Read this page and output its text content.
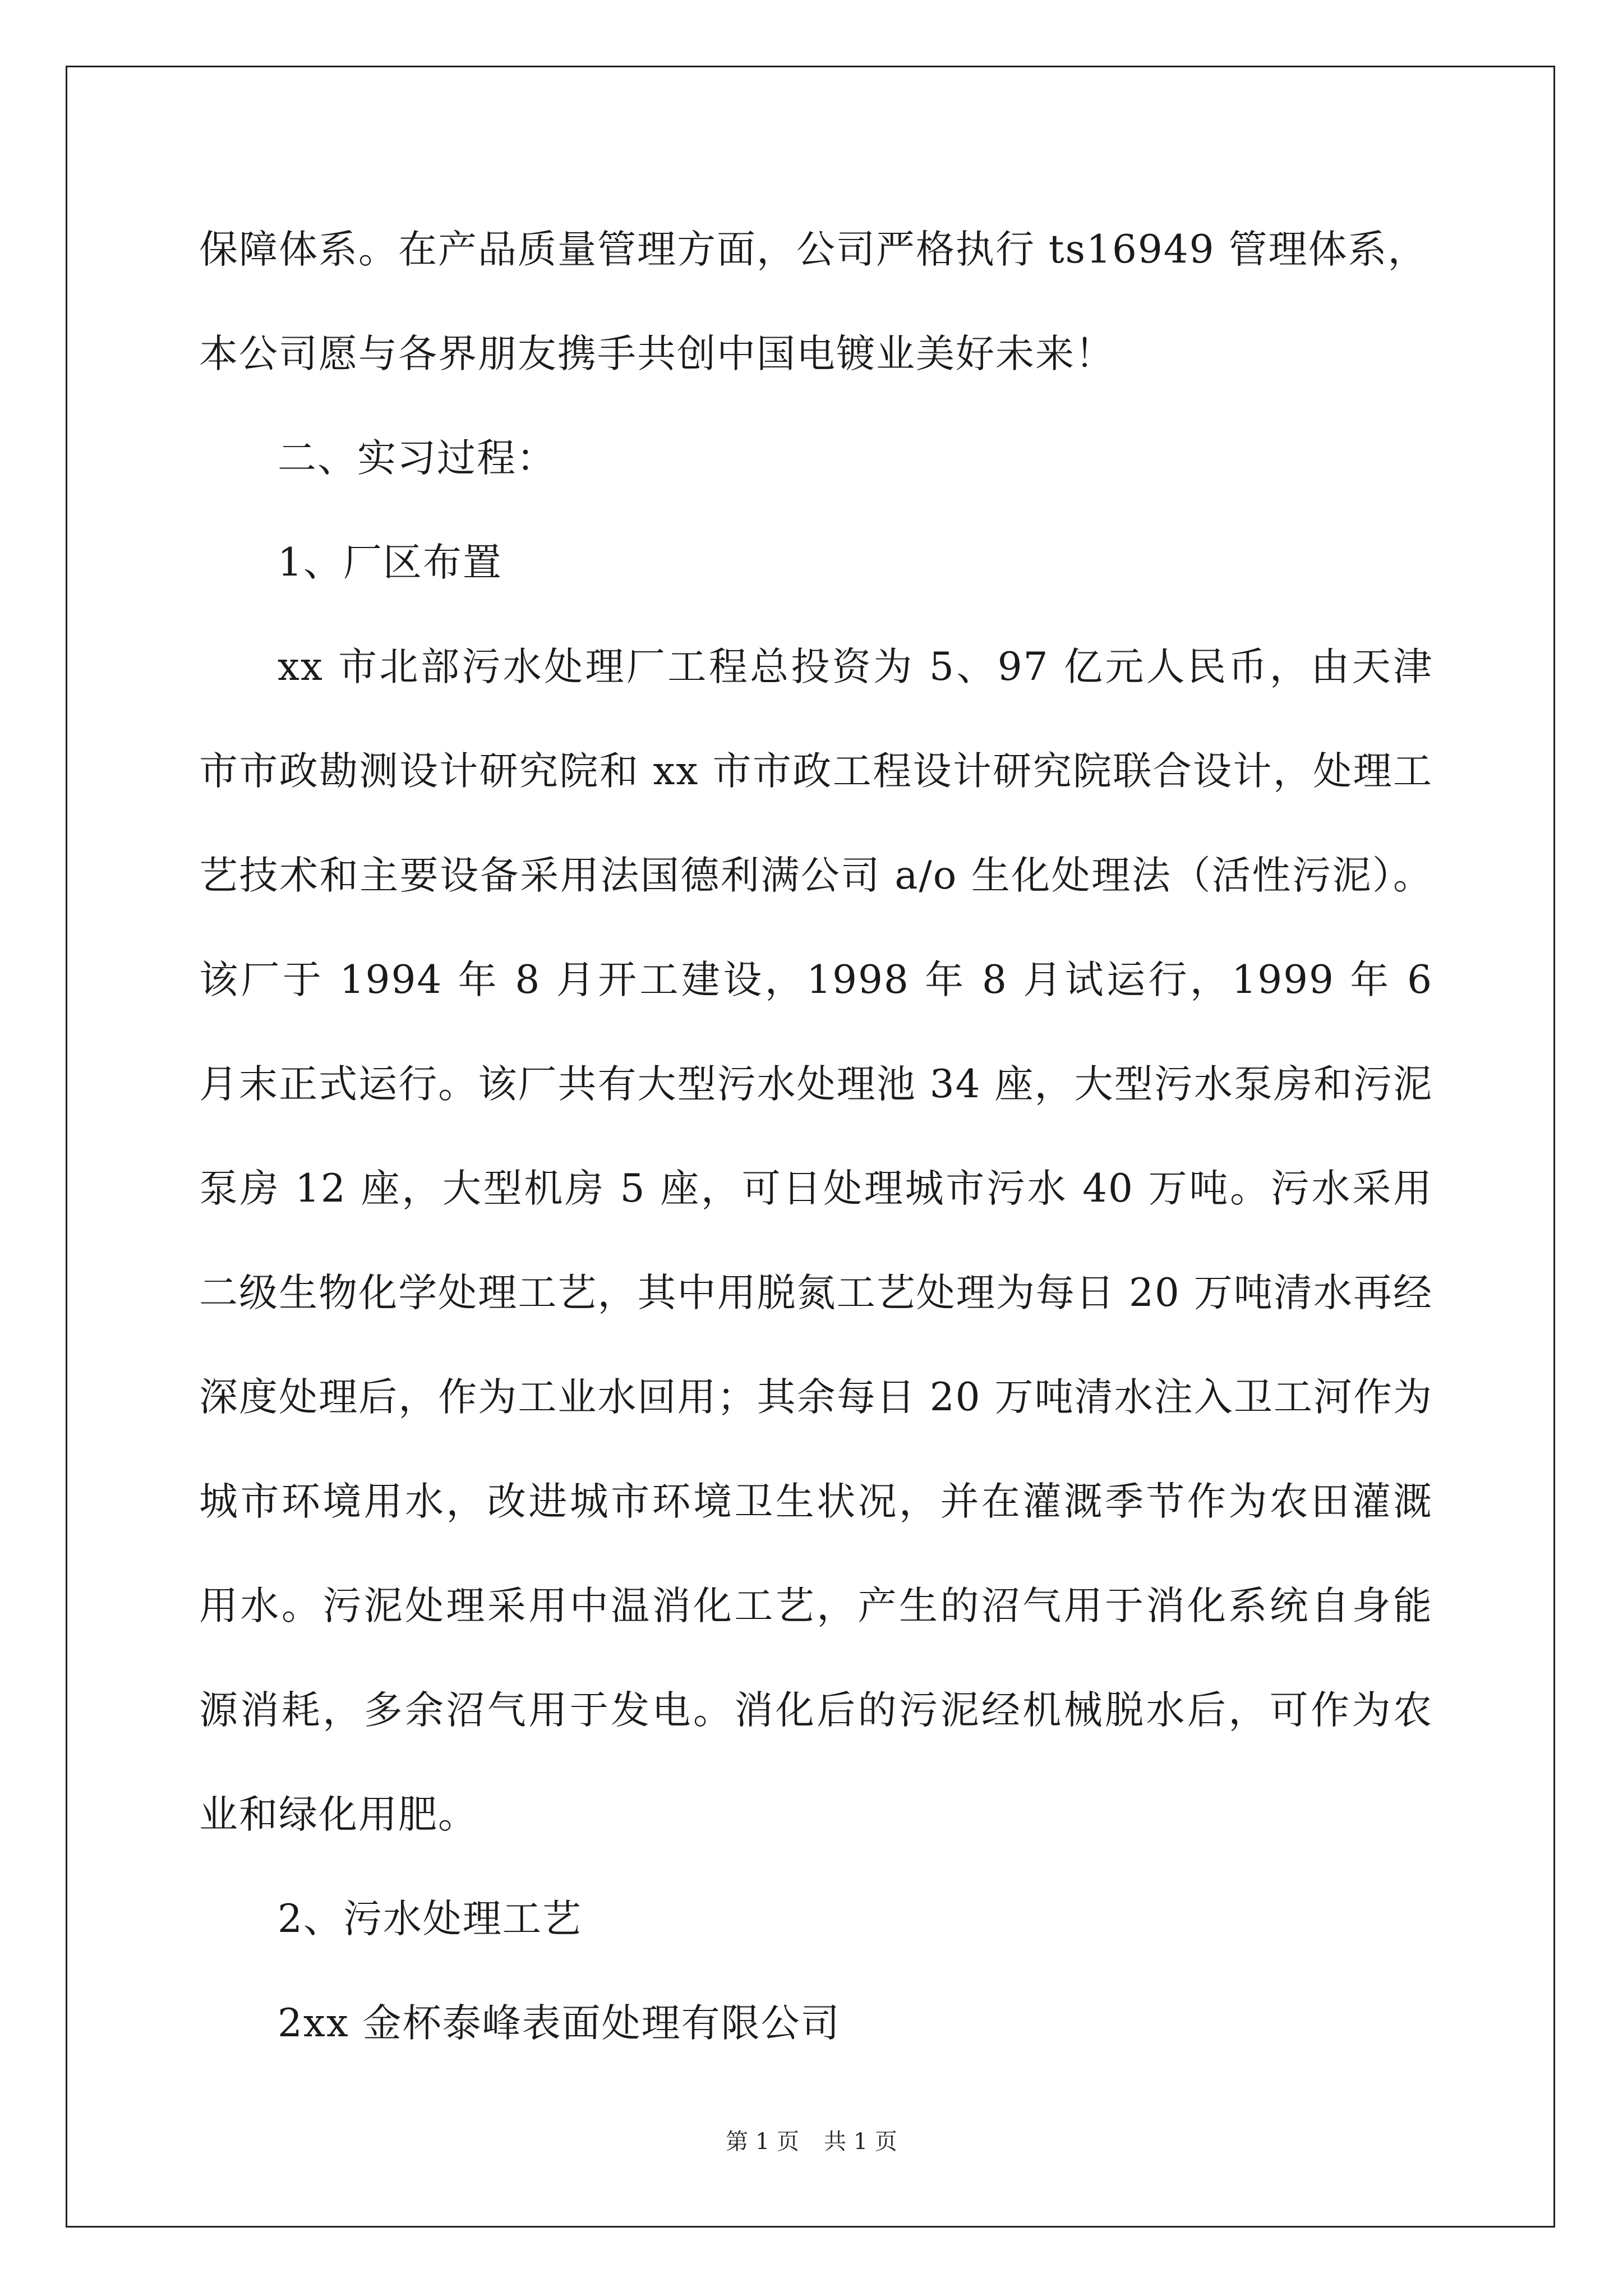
保障体系。在产品质量管理方面，公司严格执行 ts16949 管理体系，

本公司愿与各界朋友携手共创中国电镀业美好未来！

二、实习过程：

1、厂区布置

xx 市北部污水处理厂工程总投资为 5、97 亿元人民币，由天津市市政勘测设计研究院和 xx 市市政工程设计研究院联合设计，处理工艺技术和主要设备采用法国德利满公司 a/o 生化处理法（活性污泥）。该厂于 1994 年 8 月开工建设，1998 年 8 月试运行，1999 年 6 月末正式运行。该厂共有大型污水处理池 34 座，大型污水泵房和污泥泵房 12 座，大型机房 5 座，可日处理城市污水 40 万吨。污水采用二级生物化学处理工艺，其中用脱氮工艺处理为每日 20 万吨清水再经深度处理后，作为工业水回用；其余每日 20 万吨清水注入卫工河作为城市环境用水，改进城市环境卫生状况，并在灌溉季节作为农田灌溉用水。污泥处理采用中温消化工艺，产生的沼气用于消化系统自身能源消耗，多余沼气用于发电。消化后的污泥经机械脱水后，可作为农业和绿化用肥。

2、污水处理工艺

2xx 金杯泰峰表面处理有限公司

第 1 页 共 1 页
